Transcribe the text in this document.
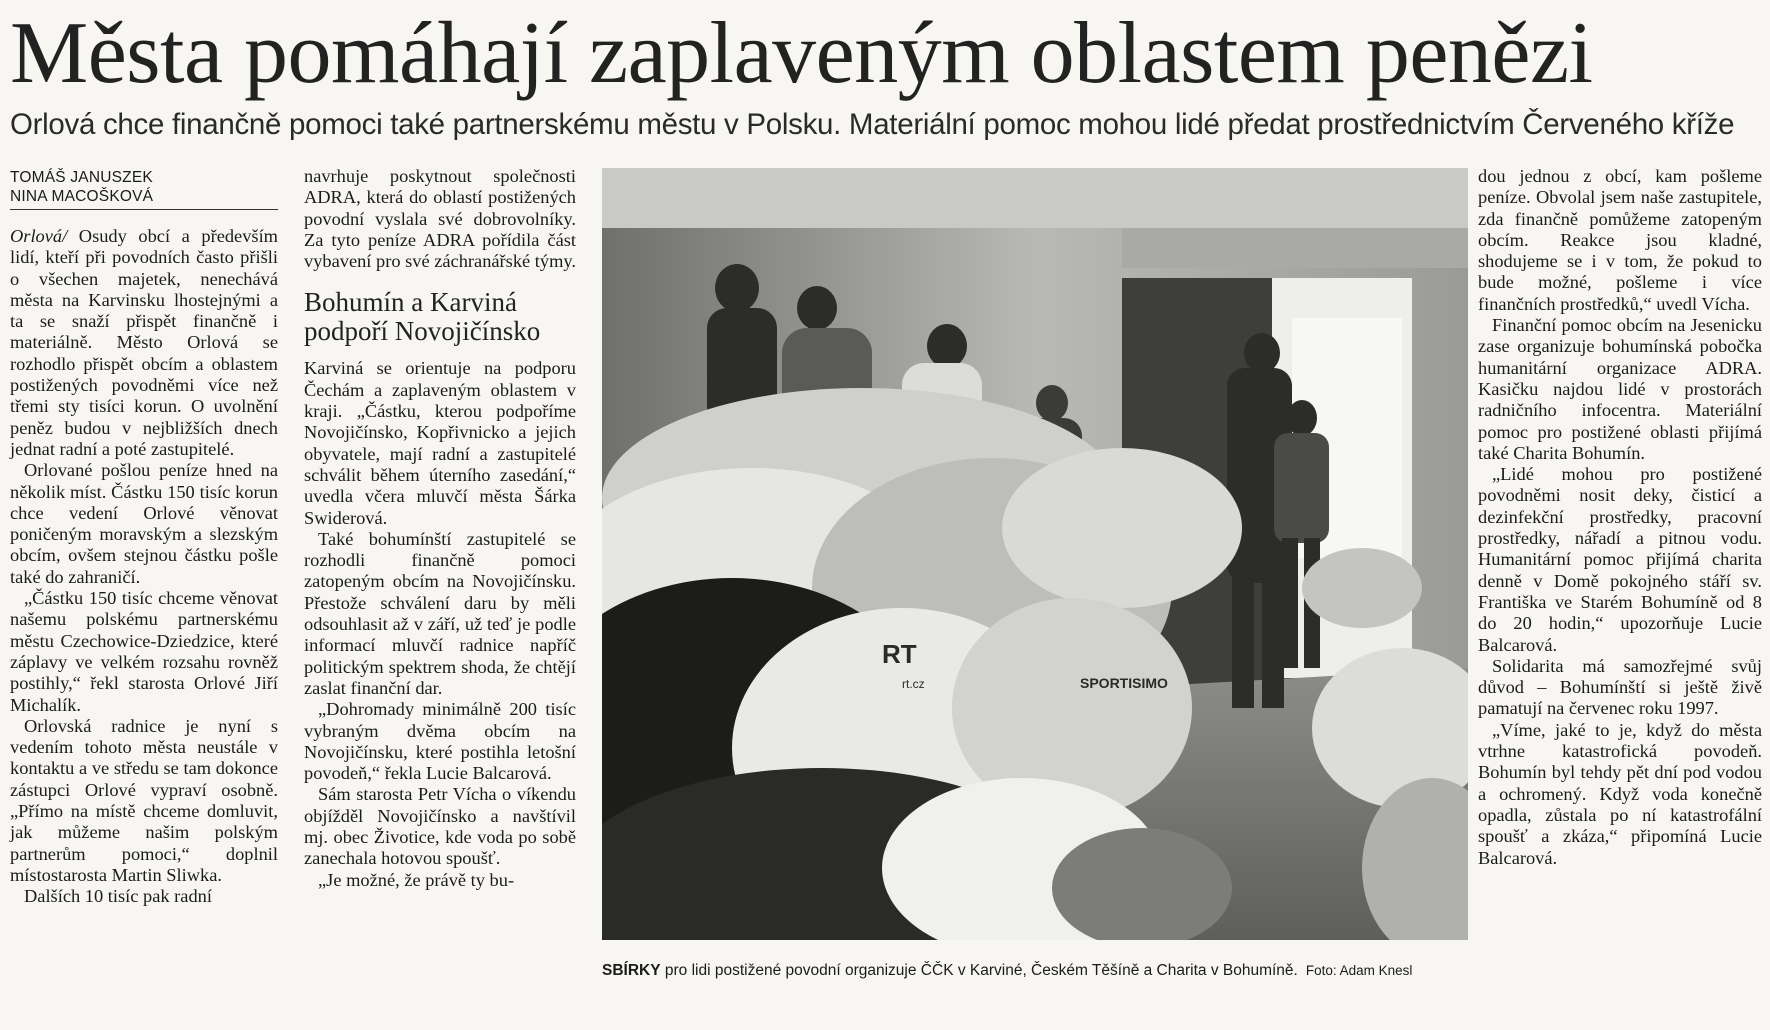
Města pomáhají zaplaveným oblastem penězi
Orlová chce finančně pomoci také partnerskému městu v Polsku. Materiální pomoc mohou lidé předat prostřednictvím Červeného kříže
TOMÁŠ JANUSZEK
NINA MACOŠKOVÁ

Orlová/ Osudy obcí a především lidí, kteří při povodních často přišli o všechen majetek, nenechává města na Karvinsku lhostejnými a ta se snaží přispět finančně i materiálně. Město Orlová se rozhodlo přispět obcím a oblastem postižených povodněmi více než třemi sty tisíci korun. O uvolnění peněz budou v nejbližších dnech jednat radní a poté zastupitelé.

Orlované pošlou peníze hned na několik míst. Částku 150 tisíc korun chce vedení Orlové věnovat poničeným moravským a slezským obcím, ovšem stejnou částku pošle také do zahraničí.

„Částku 150 tisíc chceme věnovat našemu polskému partnerskému městu Czechowice-Dziedzice, které záplavy ve velkém rozsahu rovněž postihly,“ řekl starosta Orlové Jiří Michalík.

Orlovská radnice je nyní s vedením tohoto města neustále v kontaktu a ve středu se tam dokonce zástupci Orlové vypraví osobně. „Přímo na místě chceme domluvit, jak můžeme našim polským partnerům pomoci,“ doplnil místostarosta Martin Sliwka.

Dalších 10 tisíc pak radní

navrhuje poskytnout společnosti ADRA, která do oblastí postižených povodní vyslala své dobrovolníky. Za tyto peníze ADRA pořídila část vybavení pro své záchranářské týmy.

Bohumín a Karviná podpoří Novojičínsko

Karviná se orientuje na podporu Čechám a zaplaveným oblastem v kraji. „Částku, kterou podpoříme Novojičínsko, Kopřivnicko a jejich obyvatele, mají radní a zastupitelé schválit během úterního zasedání,“ uvedla včera mluvčí města Šárka Swiderová.

Také bohumínští zastupitelé se rozhodli finančně pomoci zatopeným obcím na Novojičínsku. Přestože schválení daru by měli odsouhlasit až v září, už teď je podle informací mluvčí radnice napříč politickým spektrem shoda, že chtějí zaslat finanční dar.

„Dohromady minimálně 200 tisíc vybraným dvěma obcím na Novojičínsku, které postihla letošní povodeň,“ řekla Lucie Balcarová.

Sám starosta Petr Vícha o víkendu objížděl Novojičínsko a navštívil mj. obec Životice, kde voda po sobě zanechala hotovou spoušť.

„Je možné, že právě ty bu-

SPORTISIMO
RT
rt.cz
SBÍRKY pro lidi postižené povodní organizuje ČČK v Karviné, Českém Těšíně a Charita v Bohumíně. Foto: Adam Knesl

dou jednou z obcí, kam pošleme peníze. Obvolal jsem naše zastupitele, zda finančně pomůžeme zatopeným obcím. Reakce jsou kladné, shodujeme se i v tom, že pokud to bude možné, pošleme i více finančních prostředků,“ uvedl Vícha.

Finanční pomoc obcím na Jesenicku zase organizuje bohumínská pobočka humanitární organizace ADRA. Kasičku najdou lidé v prostorách radničního infocentra. Materiální pomoc pro postižené oblasti přijímá také Charita Bohumín.

„Lidé mohou pro postižené povodněmi nosit deky, čisticí a dezinfekční prostředky, pracovní prostředky, nářadí a pitnou vodu. Humanitární pomoc přijímá charita denně v Domě pokojného stáří sv. Františka ve Starém Bohumíně od 8 do 20 hodin,“ upozorňuje Lucie Balcarová.

Solidarita má samozřejmé svůj důvod – Bohumínští si ještě živě pamatují na červenec roku 1997.

„Víme, jaké to je, když do města vtrhne katastrofická povodeň. Bohumín byl tehdy pět dní pod vodou a ochromený. Když voda konečně opadla, zůstala po ní katastrofální spoušť a zkáza,“ připomíná Lucie Balcarová.
